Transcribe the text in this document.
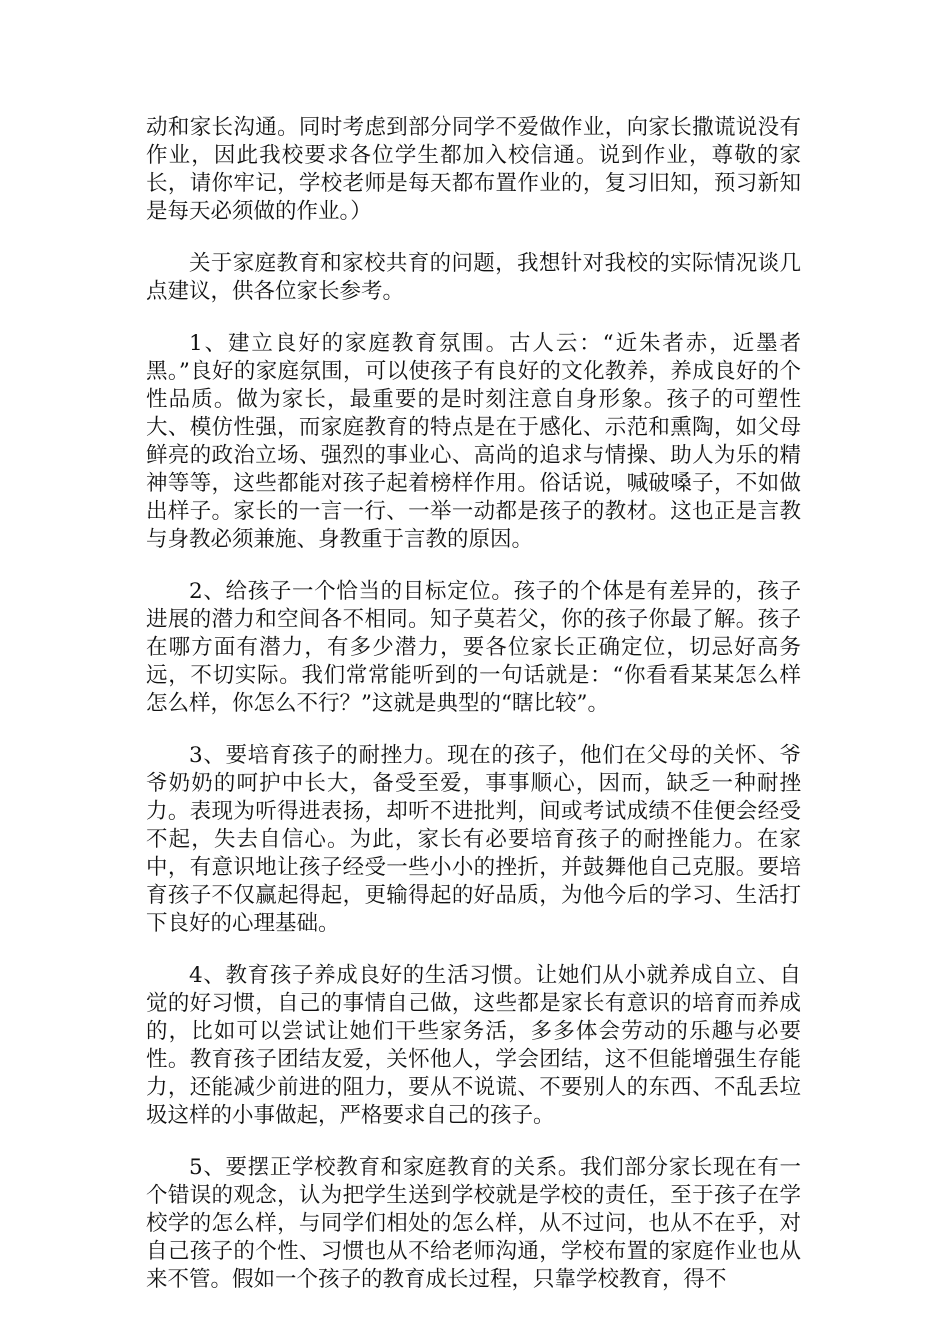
动和家长沟通。同时考虑到部分同学不爱做作业，向家长撒谎说没有作业，因此我校要求各位学生都加入校信通。说到作业，尊敬的家长，请你牢记，学校老师是每天都布置作业的，复习旧知，预习新知是每天必须做的作业。）

关于家庭教育和家校共育的问题，我想针对我校的实际情况谈几点建议，供各位家长参考。

1、建立良好的家庭教育氛围。古人云：“近朱者赤，近墨者黑。”良好的家庭氛围，可以使孩子有良好的文化教养，养成良好的个性品质。做为家长，最重要的是时刻注意自身形象。孩子的可塑性大、模仿性强，而家庭教育的特点是在于感化、示范和熏陶，如父母鲜亮的政治立场、强烈的事业心、高尚的追求与情操、助人为乐的精神等等，这些都能对孩子起着榜样作用。俗话说，喊破嗓子，不如做出样子。家长的一言一行、一举一动都是孩子的教材。这也正是言教与身教必须兼施、身教重于言教的原因。

2、给孩子一个恰当的目标定位。孩子的个体是有差异的，孩子进展的潜力和空间各不相同。知子莫若父，你的孩子你最了解。孩子在哪方面有潜力，有多少潜力，要各位家长正确定位，切忌好高务远，不切实际。我们常常能听到的一句话就是：“你看看某某怎么样怎么样，你怎么不行？”这就是典型的“瞎比较”。

3、要培育孩子的耐挫力。现在的孩子，他们在父母的关怀、爷爷奶奶的呵护中长大，备受至爱，事事顺心，因而，缺乏一种耐挫力。表现为听得进表扬，却听不进批判，间或考试成绩不佳便会经受不起，失去自信心。为此，家长有必要培育孩子的耐挫能力。在家中，有意识地让孩子经受一些小小的挫折，并鼓舞他自己克服。要培育孩子不仅赢起得起，更输得起的好品质，为他今后的学习、生活打下良好的心理基础。

4、教育孩子养成良好的生活习惯。让她们从小就养成自立、自觉的好习惯，自己的事情自己做，这些都是家长有意识的培育而养成的，比如可以尝试让她们干些家务活，多多体会劳动的乐趣与必要性。教育孩子团结友爱，关怀他人，学会团结，这不但能增强生存能力，还能减少前进的阻力，要从不说谎、不要别人的东西、不乱丢垃圾这样的小事做起，严格要求自己的孩子。

5、要摆正学校教育和家庭教育的关系。我们部分家长现在有一个错误的观念，认为把学生送到学校就是学校的责任，至于孩子在学校学的怎么样，与同学们相处的怎么样，从不过问，也从不在乎，对自己孩子的个性、习惯也从不给老师沟通，学校布置的家庭作业也从来不管。假如一个孩子的教育成长过程，只靠学校教育，得不
